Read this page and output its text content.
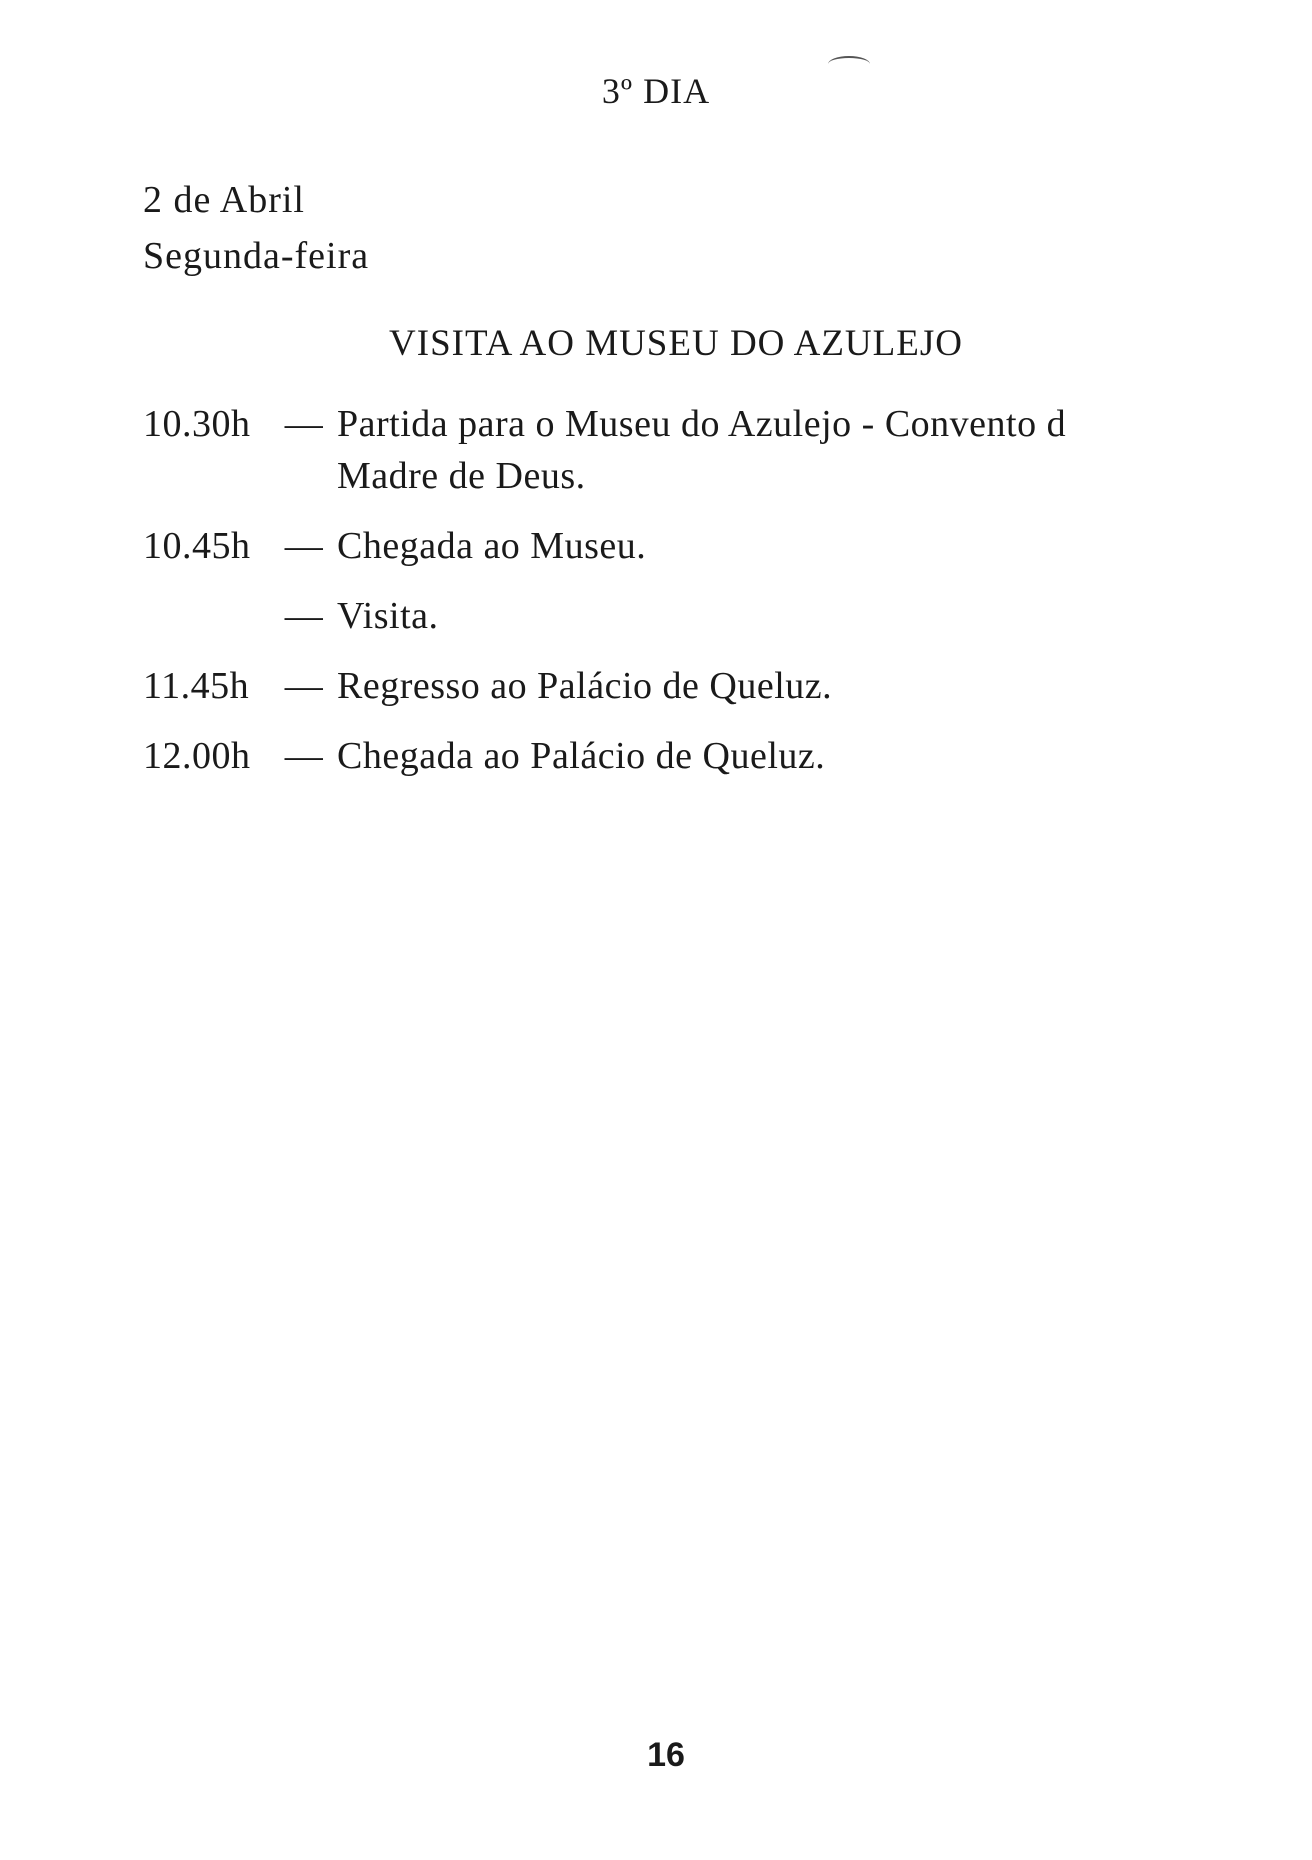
3º DIA
2 de Abril
Segunda-feira
VISITA AO MUSEU DO AZULEJO
10.30h — Partida para o Museu do Azulejo - Convento d
Madre de Deus.
10.45h — Chegada ao Museu.
— Visita.
11.45h — Regresso ao Palácio de Queluz.
12.00h — Chegada ao Palácio de Queluz.
16
